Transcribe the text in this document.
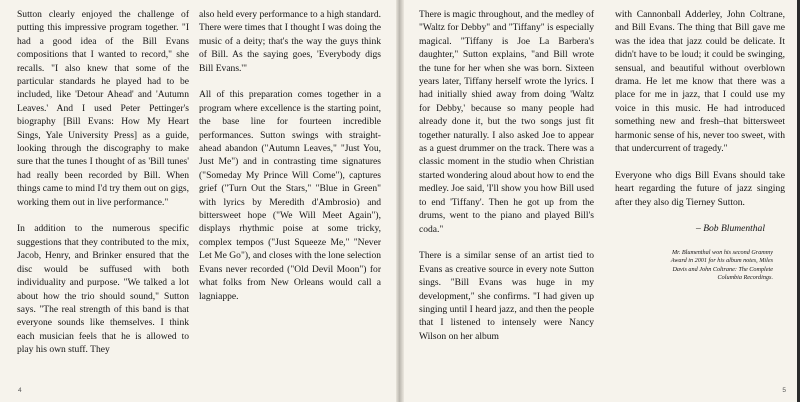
Sutton clearly enjoyed the challenge of putting this impressive program together. "I had a good idea of the Bill Evans compositions that I wanted to record," she recalls. "I also knew that some of the particular standards he played had to be included, like 'Detour Ahead' and 'Autumn Leaves.' And I used Peter Pettinger's biography [Bill Evans: How My Heart Sings, Yale University Press] as a guide, looking through the discography to make sure that the tunes I thought of as 'Bill tunes' had really been recorded by Bill. When things came to mind I'd try them out on gigs, working them out in live performance."

In addition to the numerous specific suggestions that they contributed to the mix, Jacob, Henry, and Brinker ensured that the disc would be suffused with both individuality and purpose. "We talked a lot about how the trio should sound," Sutton says. "The real strength of this band is that everyone sounds like themselves. I think each musician feels that he is allowed to play his own stuff. They

also held every performance to a high standard. There were times that I thought I was doing the music of a deity; that's the way the guys think of Bill. As the saying goes, 'Everybody digs Bill Evans.'"

All of this preparation comes together in a program where excellence is the starting point, the base line for fourteen incredible performances. Sutton swings with straight-ahead abandon ("Autumn Leaves," "Just You, Just Me") and in contrasting time signatures ("Someday My Prince Will Come"), captures grief ("Turn Out the Stars," "Blue in Green" with lyrics by Meredith d'Ambrosio) and bittersweet hope ("We Will Meet Again"), displays rhythmic poise at some tricky, complex tempos ("Just Squeeze Me," "Never Let Me Go"), and closes with the lone selection Evans never recorded ("Old Devil Moon") for what folks from New Orleans would call a lagniappe.

4

There is magic throughout, and the medley of "Waltz for Debby" and "Tiffany" is especially magical. "Tiffany is Joe La Barbera's daughter," Sutton explains, "and Bill wrote the tune for her when she was born. Sixteen years later, Tiffany herself wrote the lyrics. I had initially shied away from doing 'Waltz for Debby,' because so many people had already done it, but the two songs just fit together naturally. I also asked Joe to appear as a guest drummer on the track. There was a classic moment in the studio when Christian started wondering aloud about how to end the medley. Joe said, 'I'll show you how Bill used to end 'Tiffany'. Then he got up from the drums, went to the piano and played Bill's coda."

There is a similar sense of an artist tied to Evans as creative source in every note Sutton sings. "Bill Evans was huge in my development," she confirms. "I had given up singing until I heard jazz, and then the people that I listened to intensely were Nancy Wilson on her album

with Cannonball Adderley, John Coltrane, and Bill Evans. The thing that Bill gave me was the idea that jazz could be delicate. It didn't have to be loud; it could be swinging, sensual, and beautiful without overblown drama. He let me know that there was a place for me in jazz, that I could use my voice in this music. He had introduced something new and fresh–that bittersweet harmonic sense of his, never too sweet, with that undercurrent of tragedy."

Everyone who digs Bill Evans should take heart regarding the future of jazz singing after they also dig Tierney Sutton.

– Bob Blumenthal

Mr. Blumenthal won his second Grammy Award in 2001 for his album notes, Miles Davis and John Coltrane: The Complete Columbia Recordings.

5
